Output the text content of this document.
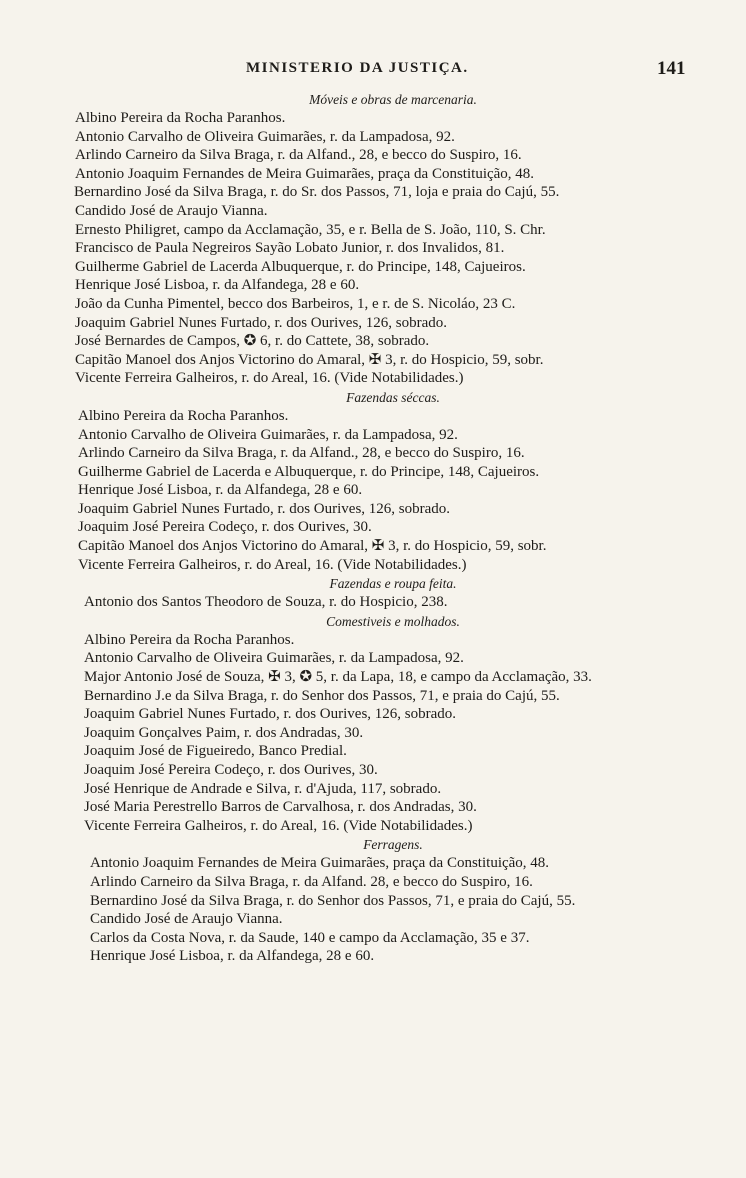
MINISTERIO DA JUSTIÇA.	141
Móveis e obras de marcenaria.
Albino Pereira da Rocha Paranhos.
Antonio Carvalho de Oliveira Guimarães, r. da Lampadosa, 92.
Arlindo Carneiro da Silva Braga, r. da Alfand., 28, e becco do Suspiro, 16.
Antonio Joaquim Fernandes de Meira Guimarães, praça da Constituição, 48.
Bernardino José da Silva Braga, r. do Sr. dos Passos, 71, loja e praia do Cajú, 55.
Candido José de Araujo Vianna.
Ernesto Philigret, campo da Acclamação, 35, e r. Bella de S. João, 110, S. Chr.
Francisco de Paula Negreiros Sayão Lobato Junior, r. dos Invalidos, 81.
Guilherme Gabriel de Lacerda Albuquerque, r. do Principe, 148, Cajueiros.
Henrique José Lisboa, r. da Alfandega, 28 e 60.
João da Cunha Pimentel, becco dos Barbeiros, 1, e r. de S. Nicoláo, 23 C.
Joaquim Gabriel Nunes Furtado, r. dos Ourives, 126, sobrado.
José Bernardes de Campos, ✪ 6, r. do Cattete, 38, sobrado.
Capitão Manoel dos Anjos Victorino do Amaral, ✠ 3, r. do Hospicio, 59, sobr.
Vicente Ferreira Galheiros, r. do Areal, 16. (Vide Notabilidades.)
Fazendas séccas.
Albino Pereira da Rocha Paranhos.
Antonio Carvalho de Oliveira Guimarães, r. da Lampadosa, 92.
Arlindo Carneiro da Silva Braga, r. da Alfand., 28, e becco do Suspiro, 16.
Guilherme Gabriel de Lacerda e Albuquerque, r. do Principe, 148, Cajueiros.
Henrique José Lisboa, r. da Alfandega, 28 e 60.
Joaquim Gabriel Nunes Furtado, r. dos Ourives, 126, sobrado.
Joaquim José Pereira Codeço, r. dos Ourives, 30.
Capitão Manoel dos Anjos Victorino do Amaral, ✠ 3, r. do Hospicio, 59, sobr.
Vicente Ferreira Galheiros, r. do Areal, 16. (Vide Notabilidades.)
Fazendas e roupa feita.
Antonio dos Santos Theodoro de Souza, r. do Hospicio, 238.
Comestiveis e molhados.
Albino Pereira da Rocha Paranhos.
Antonio Carvalho de Oliveira Guimarães, r. da Lampadosa, 92.
Major Antonio José de Souza, ✠ 3, ✪ 5, r. da Lapa, 18, e campo da Acclamação, 33.
Bernardino J.e da Silva Braga, r. do Senhor dos Passos, 71, e praia do Cajú, 55.
Joaquim Gabriel Nunes Furtado, r. dos Ourives, 126, sobrado.
Joaquim Gonçalves Paim, r. dos Andradas, 30.
Joaquim José de Figueiredo, Banco Predial.
Joaquim José Pereira Codeço, r. dos Ourives, 30.
José Henrique de Andrade e Silva, r. d'Ajuda, 117, sobrado.
José Maria Perestrello Barros de Carvalhosa, r. dos Andradas, 30.
Vicente Ferreira Galheiros, r. do Areal, 16. (Vide Notabilidades.)
Ferragens.
Antonio Joaquim Fernandes de Meira Guimarães, praça da Constituição, 48.
Arlindo Carneiro da Silva Braga, r. da Alfand. 28, e becco do Suspiro, 16.
Bernardino José da Silva Braga, r. do Senhor dos Passos, 71, e praia do Cajú, 55.
Candido José de Araujo Vianna.
Carlos da Costa Nova, r. da Saude, 140 e campo da Acclamação, 35 e 37.
Henrique José Lisboa, r. da Alfandega, 28 e 60.
